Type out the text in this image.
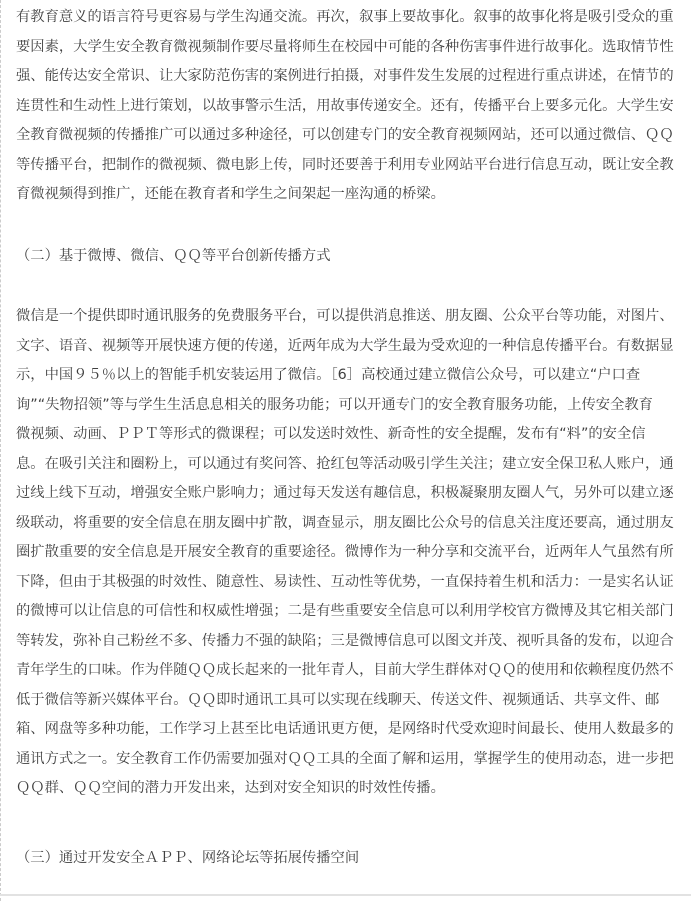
有教育意义的语言符号更容易与学生沟通交流。再次，叙事上要故事化。叙事的故事化将是吸引受众的重
要因素，大学生安全教育微视频制作要尽量将师生在校园中可能的各种伤害事件进行故事化。选取情节性
强、能传达安全常识、让大家防范伤害的案例进行拍摄，对事件发生发展的过程进行重点讲述，在情节的
连贯性和生动性上进行策划，以故事警示生活，用故事传递安全。还有，传播平台上要多元化。大学生安
全教育微视频的传播推广可以通过多种途径，可以创建专门的安全教育视频网站，还可以通过微信、ＱＱ
等传播平台，把制作的微视频、微电影上传，同时还要善于利用专业网站平台进行信息互动，既让安全教
育微视频得到推广，还能在教育者和学生之间架起一座沟通的桥梁。
（二）基于微博、微信、ＱＱ等平台创新传播方式
微信是一个提供即时通讯服务的免费服务平台，可以提供消息推送、朋友圈、公众平台等功能，对图片、
文字、语音、视频等开展快速方便的传递，近两年成为大学生最为受欢迎的一种信息传播平台。有数据显
示，中国９５％以上的智能手机安装运用了微信。［6］高校通过建立微信公众号，可以建立“户口查
询”“失物招领”等与学生生活息息相关的服务功能；可以开通专门的安全教育服务功能，上传安全教育
微视频、动画、ＰＰＴ等形式的微课程；可以发送时效性、新奇性的安全提醒，发布有“料”的安全信
息。在吸引关注和圈粉上，可以通过有奖问答、抢红包等活动吸引学生关注；建立安全保卫私人账户，通
过线上线下互动，增强安全账户影响力；通过每天发送有趣信息，积极凝聚朋友圈人气，另外可以建立逐
级联动，将重要的安全信息在朋友圈中扩散，调查显示，朋友圈比公众号的信息关注度还要高，通过朋友
圈扩散重要的安全信息是开展安全教育的重要途径。微博作为一种分享和交流平台，近两年人气虽然有所
下降，但由于其极强的时效性、随意性、易读性、互动性等优势，一直保持着生机和活力：一是实名认证
的微博可以让信息的可信性和权威性增强；二是有些重要安全信息可以利用学校官方微博及其它相关部门
等转发，弥补自己粉丝不多、传播力不强的缺陷；三是微博信息可以图文并茂、视听具备的发布，以迎合
青年学生的口味。作为伴随ＱＱ成长起来的一批年青人，目前大学生群体对ＱＱ的使用和依赖程度仍然不
低于微信等新兴媒体平台。ＱＱ即时通讯工具可以实现在线聊天、传送文件、视频通话、共享文件、邮
箱、网盘等多种功能，工作学习上甚至比电话通讯更方便，是网络时代受欢迎时间最长、使用人数最多的
通讯方式之一。安全教育工作仍需要加强对ＱＱ工具的全面了解和运用，掌握学生的使用动态，进一步把
ＱＱ群、ＱＱ空间的潜力开发出来，达到对安全知识的时效性传播。
（三）通过开发安全ＡＰＰ、网络论坛等拓展传播空间
